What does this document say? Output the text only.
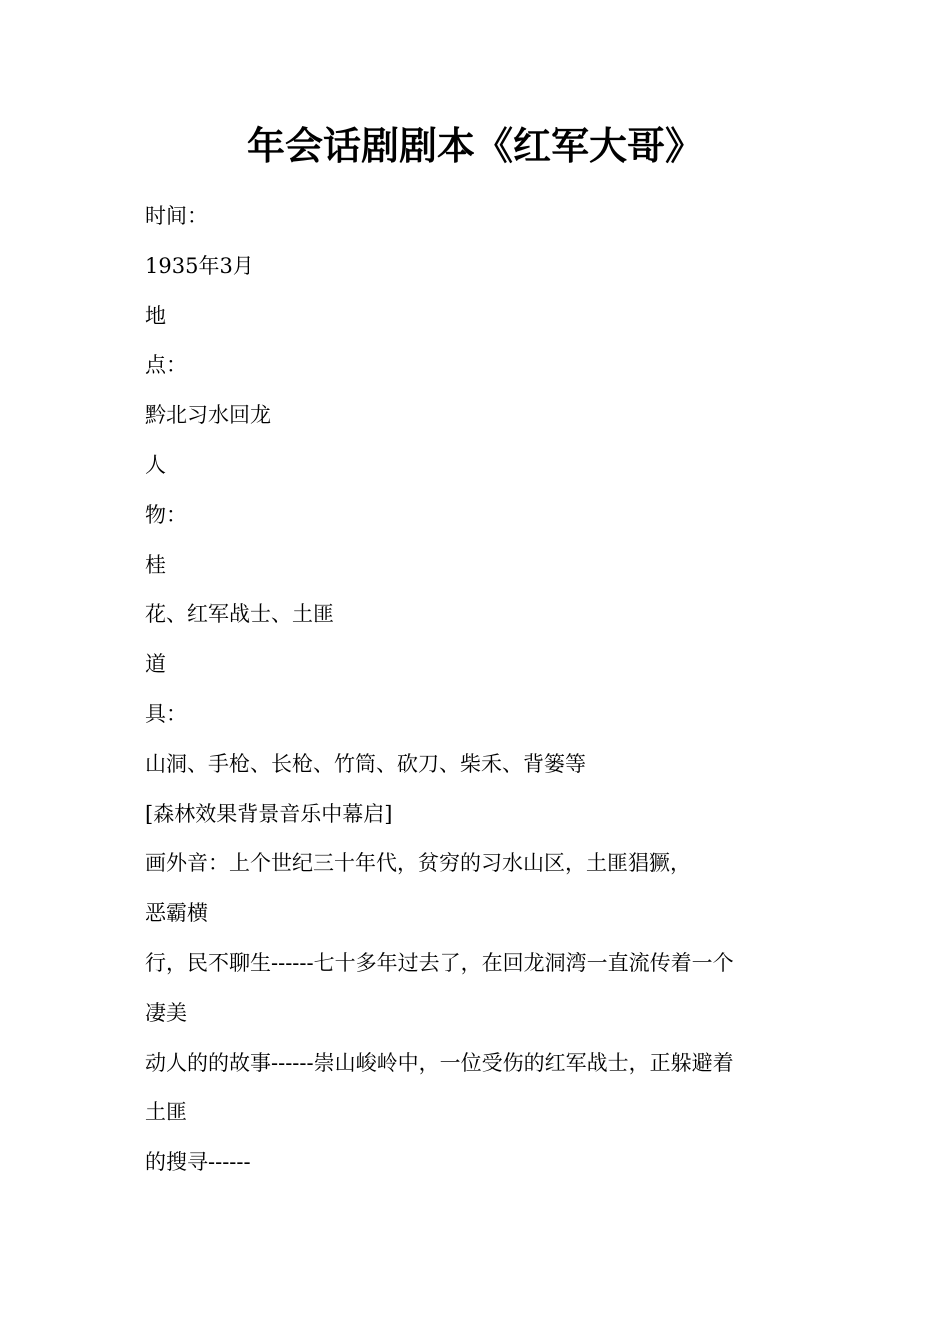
年会话剧剧本《红军大哥》
时间：
1935年3月
地
点：
黔北习水回龙
人
物：
桂
花、红军战士、土匪
道
具：
山洞、手枪、长枪、竹筒、砍刀、柴禾、背篓等
[森林效果背景音乐中幕启]
画外音：上个世纪三十年代，贫穷的习水山区，土匪猖獗，
恶霸横
行，民不聊生------七十多年过去了，在回龙洞湾一直流传着一个
凄美
动人的的故事------崇山峻岭中，一位受伤的红军战士，正躲避着
土匪
的搜寻------
